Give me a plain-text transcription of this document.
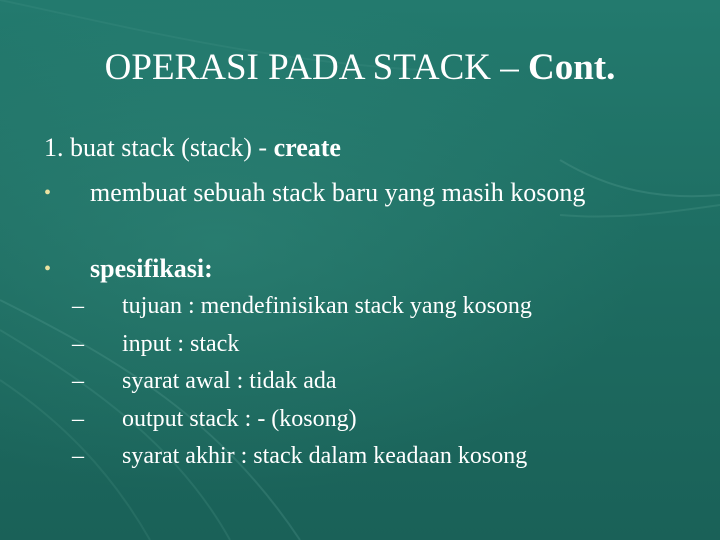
OPERASI PADA STACK – Cont.
1. buat stack (stack) - create
•	membuat sebuah stack baru yang masih kosong
•	spesifikasi:
– tujuan : mendefinisikan stack yang kosong
– input : stack
– syarat awal : tidak ada
– output stack : - (kosong)
– syarat akhir : stack dalam keadaan kosong
